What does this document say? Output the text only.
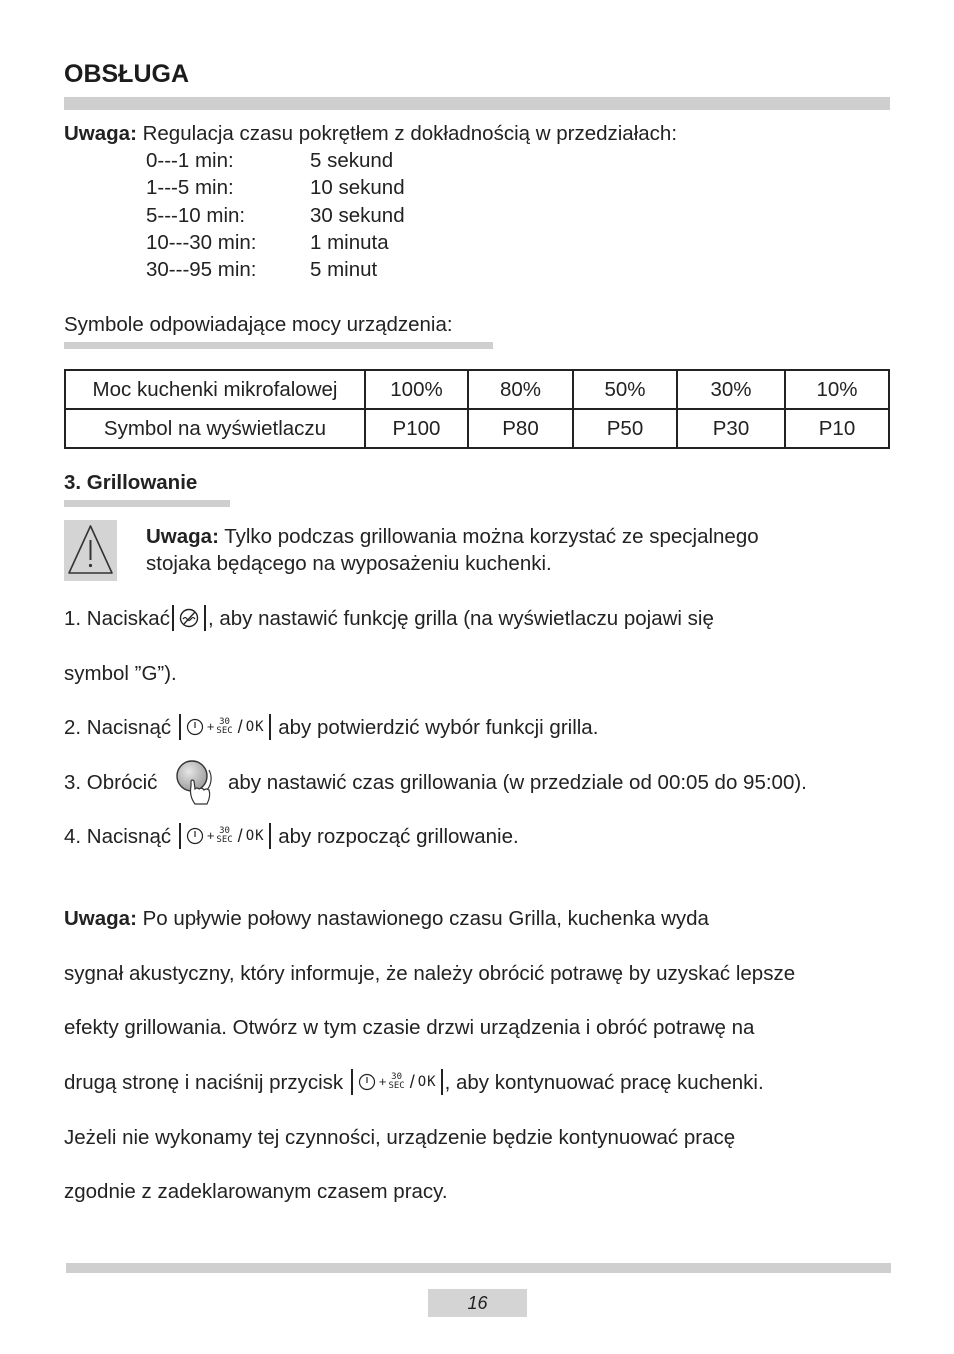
OBSŁUGA
Uwaga: Regulacja czasu pokrętłem z dokładnością w przedziałach:
0---1 min:	5 sekund
1---5 min:	10 sekund
5---10 min:	30 sekund
10---30 min:	1 minuta
30---95 min:	5 minut
Symbole odpowiadające mocy urządzenia:
Moc kuchenki mikrofalowej	100%	80%	50%	30%	10%
Symbol na wyświetlaczu	P100	P80	P50	P30	P10
3. Grillowanie
Uwaga: Tylko podczas grillowania można korzystać ze specjalnego
stojaka będącego na wyposażeniu kuchenki.
1. Naciskać , aby nastawić funkcję grilla (na wyświetlaczu pojawi się
symbol ”G”).
2. Nacisnąć	+ 30
SEC / OK aby potwierdzić wybór funkcji grilla.
3. Obrócić	aby nastawić czas grillowania (w przedziale od 00:05 do 95:00).
4. Nacisnąć	+ 30
SEC / OK aby rozpocząć grillowanie.
Uwaga: Po upływie połowy nastawionego czasu Grilla, kuchenka wyda
sygnał akustyczny, który informuje, że należy obrócić potrawę by uzyskać lepsze
efekty grillowania. Otwórz w tym czasie drzwi urządzenia i obróć potrawę na
drugą stronę i naciśnij przycisk	+ 30
SEC / OK , aby kontynuować pracę kuchenki.
Jeżeli nie wykonamy tej czynności, urządzenie będzie kontynuować pracę
zgodnie z zadeklarowanym czasem pracy.
16
